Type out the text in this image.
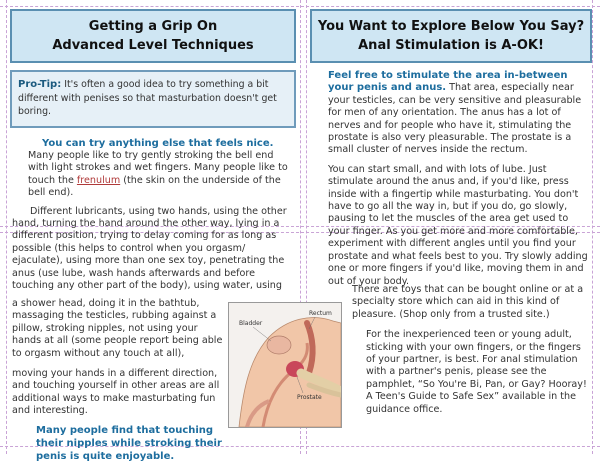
Getting a Grip On
Advanced Level Techniques
Pro-Tip: It's often a good idea to try something a bit different with penises so that masturbation doesn't get boring.
You can try anything else that feels nice.

Many people like to try gently stroking the bell end with light strokes and wet fingers. Many people like to touch the frenulum (the skin on the underside of the bell end).

Different lubricants, using two hands, using the other hand, turning the hand around the other way, lying in a different position, trying to delay coming for as long as possible (this helps to control when you orgasm/ ejaculate), using more than one sex toy, penetrating the anus (use lube, wash hands afterwards and before touching any other part of the body), using water, using

a shower head, doing it in the bathtub, massaging the testicles, rubbing against a pillow, stroking nipples, not using your hands at all (some people report being able to orgasm without any touch at all),

moving your hands in a different direction, and touching yourself in other areas are all additional ways to make masturbating fun and interesting.

Many people find that touching their nipples while stroking their penis is quite enjoyable.
You Want to Explore Below You Say?
Anal Stimulation is A-OK!

Feel free to stimulate the area in-between your penis and anus. That area, especially near your testicles, can be very sensitive and pleasurable for men of any orientation. The anus has a lot of nerves and for people who have it, stimulating the prostate is also very pleasurable. The prostate is a small cluster of nerves inside the rectum.

You can start small, and with lots of lube. Just stimulate around the anus and, if you'd like, press inside with a fingertip while masturbating. You don't have to go all the way in, but if you do, go slowly, pausing to let the muscles of the area get used to your finger. As you get more and more comfortable, experiment with different angles until you find your prostate and what feels best to you. Try slowly adding one or more fingers if you'd like, moving them in and out of your body.

There are toys that can be bought online or at a specialty store which can aid in this kind of pleasure. (Shop only from a trusted site.)

For the inexperienced teen or young adult, sticking with your own fingers, or the fingers of your partner, is best. For anal stimulation with a partner's penis, please see the pamphlet, “So You're Bi, Pan, or Gay? Hooray! A Teen's Guide to Safe Sex” available in the guidance office.

Bladder
Rectum
Prostate
